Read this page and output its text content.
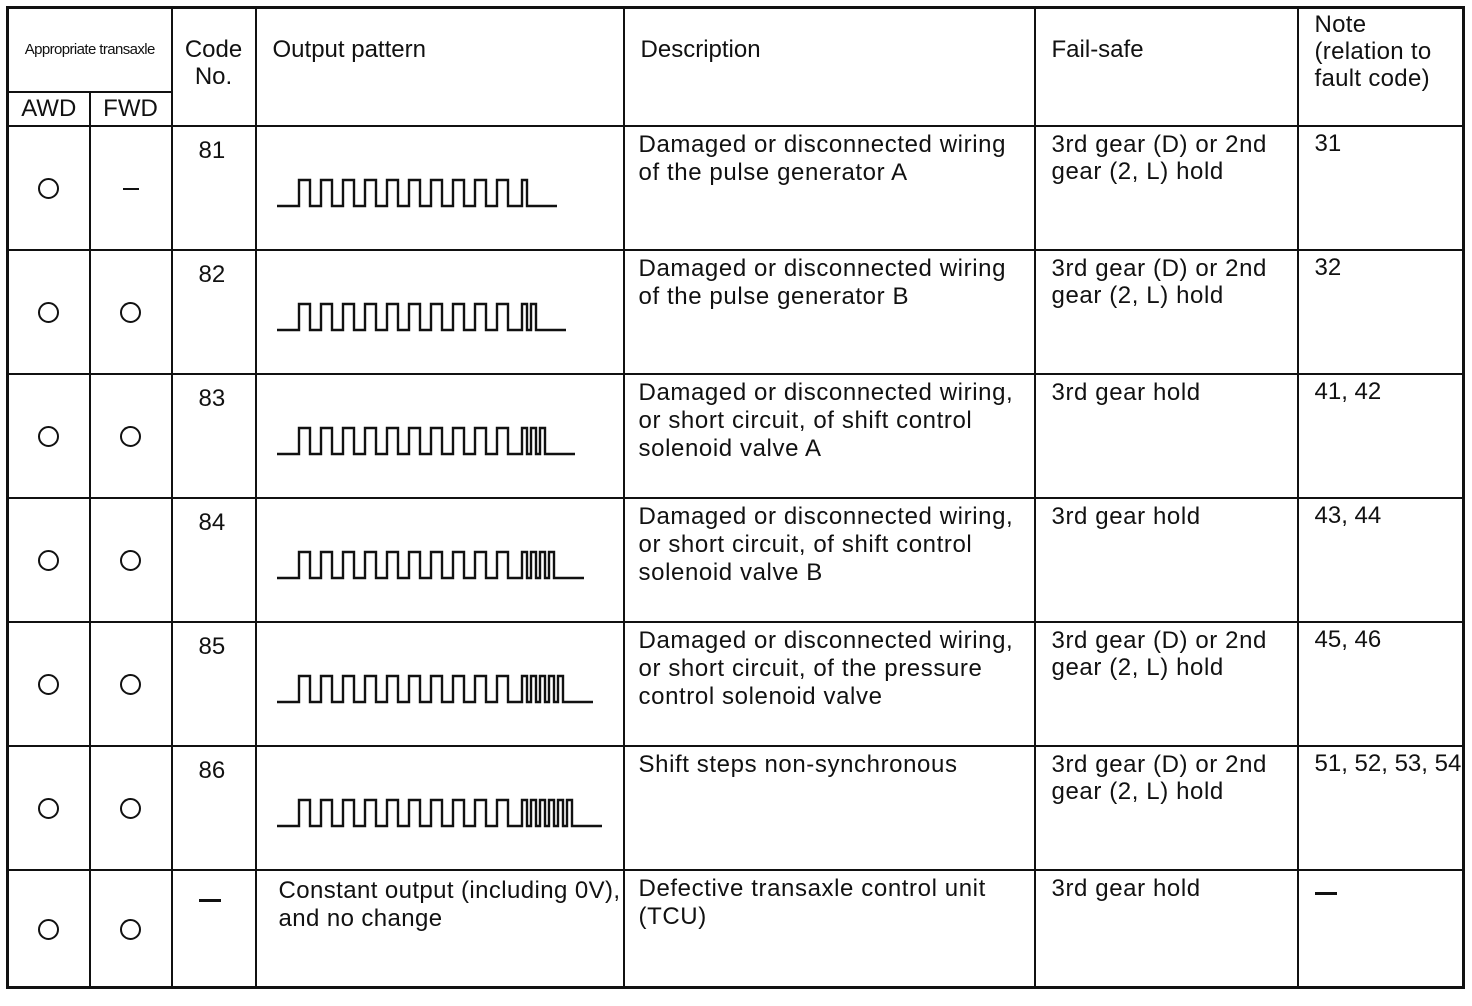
Appropriate transaxle		Code No.	Output pattern	Description	Fail-safe	Note (relation to fault code)
AWD	FWD					
		81		Damaged or disconnected wiring of the pulse generator A	3rd gear (D) or 2nd gear (2, L) hold	31
		82		Damaged or disconnected wiring of the pulse generator B	3rd gear (D) or 2nd gear (2, L) hold	32
		83		Damaged or disconnected wiring, or short circuit, of shift control solenoid valve A	3rd gear hold	41, 42
		84		Damaged or disconnected wiring, or short circuit, of shift control solenoid valve B	3rd gear hold	43, 44
		85		Damaged or disconnected wiring, or short circuit, of the pressure control solenoid valve	3rd gear (D) or 2nd gear (2, L) hold	45, 46
		86		Shift steps non-synchronous	3rd gear (D) or 2nd gear (2, L) hold	51, 52, 53, 54
			Constant output (including 0V), and no change	Defective transaxle control unit (TCU)	3rd gear hold	
